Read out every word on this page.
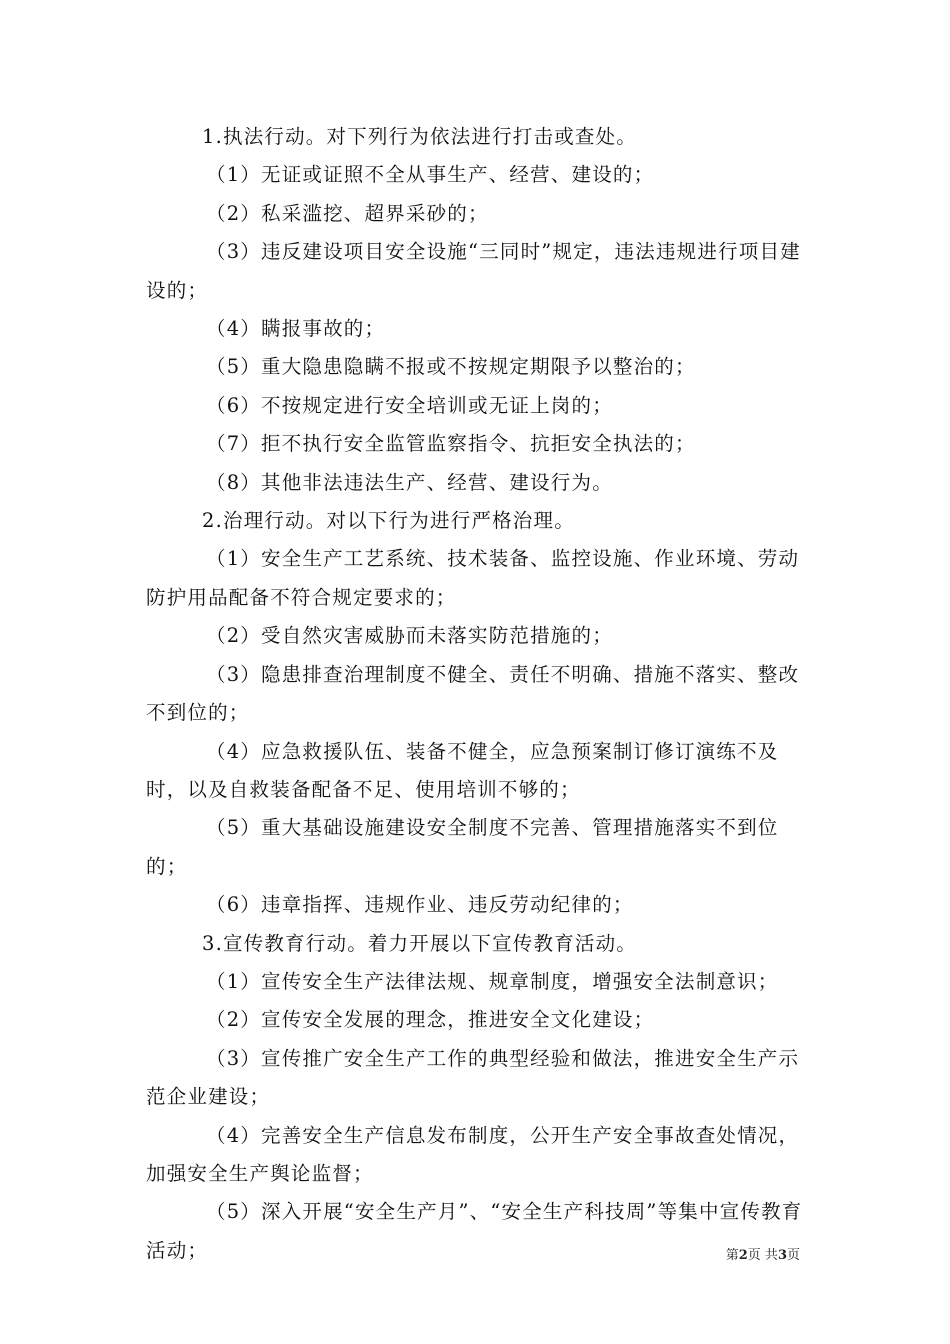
1.执法行动。对下列行为依法进行打击或查处。

（1）无证或证照不全从事生产、经营、建设的；

（2）私采滥挖、超界采砂的；

（3）违反建设项目安全设施“三同时”规定，违法违规进行项目建设的；

（4）瞒报事故的；

（5）重大隐患隐瞒不报或不按规定期限予以整治的；

（6）不按规定进行安全培训或无证上岗的；

（7）拒不执行安全监管监察指令、抗拒安全执法的；

（8）其他非法违法生产、经营、建设行为。

2.治理行动。对以下行为进行严格治理。

（1）安全生产工艺系统、技术装备、监控设施、作业环境、劳动防护用品配备不符合规定要求的；

（2）受自然灾害威胁而未落实防范措施的；

（3）隐患排查治理制度不健全、责任不明确、措施不落实、整改不到位的；

（4）应急救援队伍、装备不健全，应急预案制订修订演练不及时，以及自救装备配备不足、使用培训不够的；

（5）重大基础设施建设安全制度不完善、管理措施落实不到位的；

（6）违章指挥、违规作业、违反劳动纪律的；

3.宣传教育行动。着力开展以下宣传教育活动。

（1）宣传安全生产法律法规、规章制度，增强安全法制意识；

（2）宣传安全发展的理念，推进安全文化建设；

（3）宣传推广安全生产工作的典型经验和做法，推进安全生产示范企业建设；

（4）完善安全生产信息发布制度，公开生产安全事故查处情况，加强安全生产舆论监督；

（5）深入开展“安全生产月”、“安全生产科技周”等集中宣传教育活动；	第2页 共3页
